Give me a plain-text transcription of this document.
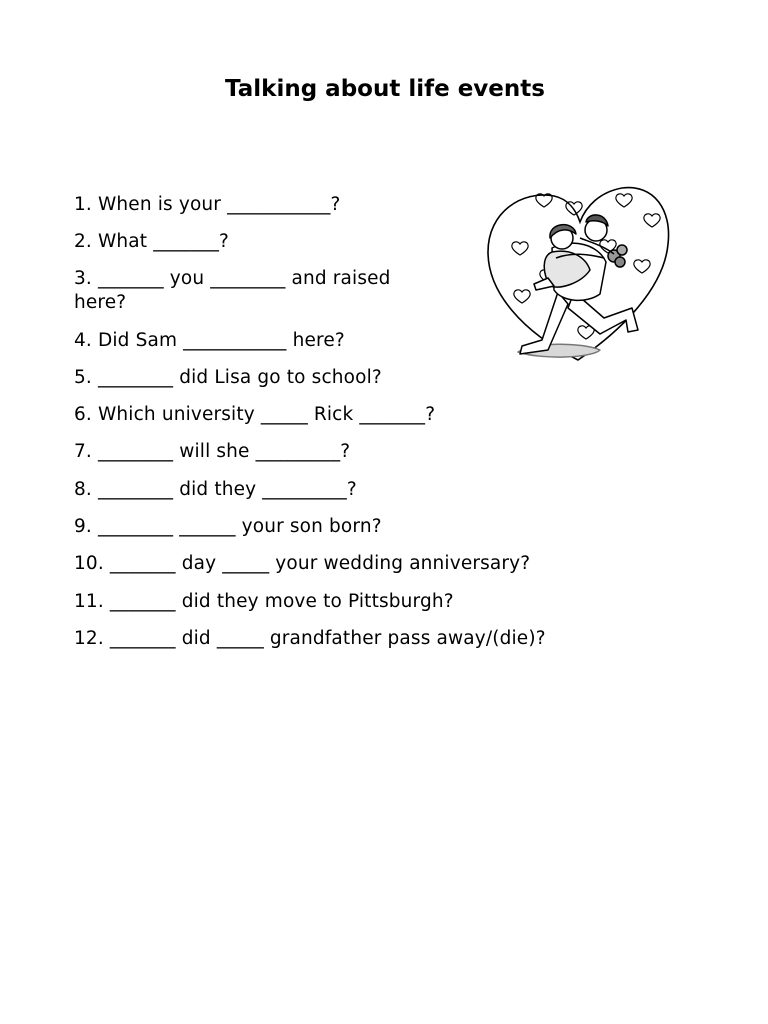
Talking about life events
1. When is your ___________?
2. What _______?
3. _______ you ________ and raised
here?
4. Did Sam ___________ here?
5. ________ did Lisa go to school?
6. Which university _____ Rick _______?
7. ________ will she _________?
8. ________ did they _________?
9. ________ ______ your son born?
10. _______ day _____ your wedding anniversary?
11. _______ did they move to Pittsburgh?
12. _______ did _____ grandfather pass away/(die)?
